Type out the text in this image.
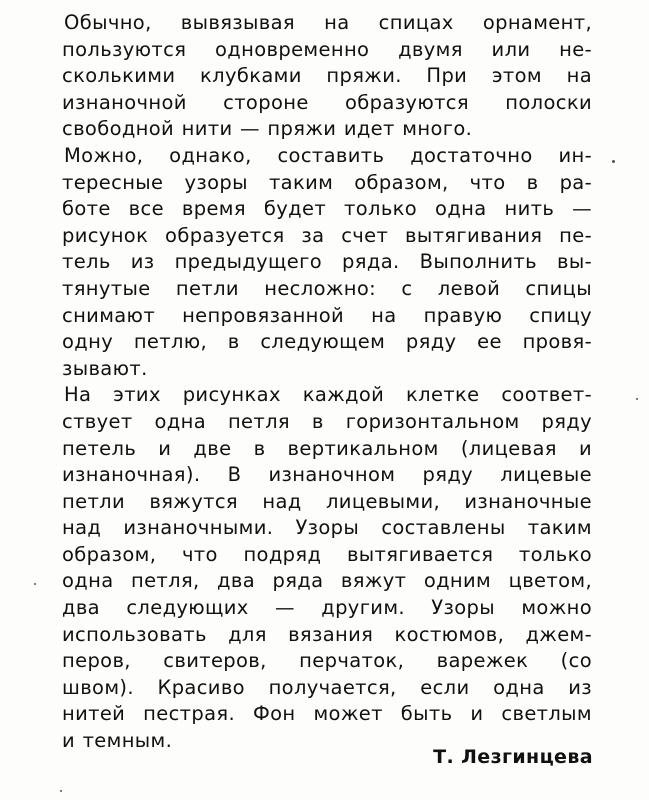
Обычно, вывязывая на спицах орнамент,
пользуются одновременно двумя или не-
сколькими клубками пряжи. При этом на
изнаночной стороне образуются полоски
свободной нити — пряжи идет много.
Можно, однако, составить достаточно ин-
тересные узоры таким образом, что в ра-
боте все время будет только одна нить —
рисунок образуется за счет вытягивания пе-
тель из предыдущего ряда. Выполнить вы-
тянутые петли несложно: с левой спицы
снимают непровязанной на правую спицу
одну петлю, в следующем ряду ее провя-
зывают.
На этих рисунках каждой клетке соответ-
ствует одна петля в горизонтальном ряду
петель и две в вертикальном (лицевая и
изнаночная). В изнаночном ряду лицевые
петли вяжутся над лицевыми, изнаночные
над изнаночными. Узоры составлены таким
образом, что подряд вытягивается только
одна петля, два ряда вяжут одним цветом,
два следующих — другим. Узоры можно
использовать для вязания костюмов, джем-
перов, свитеров, перчаток, варежек (со
швом). Красиво получается, если одна из
нитей пестрая. Фон может быть и светлым
и темным.
Т. Лезгинцева
